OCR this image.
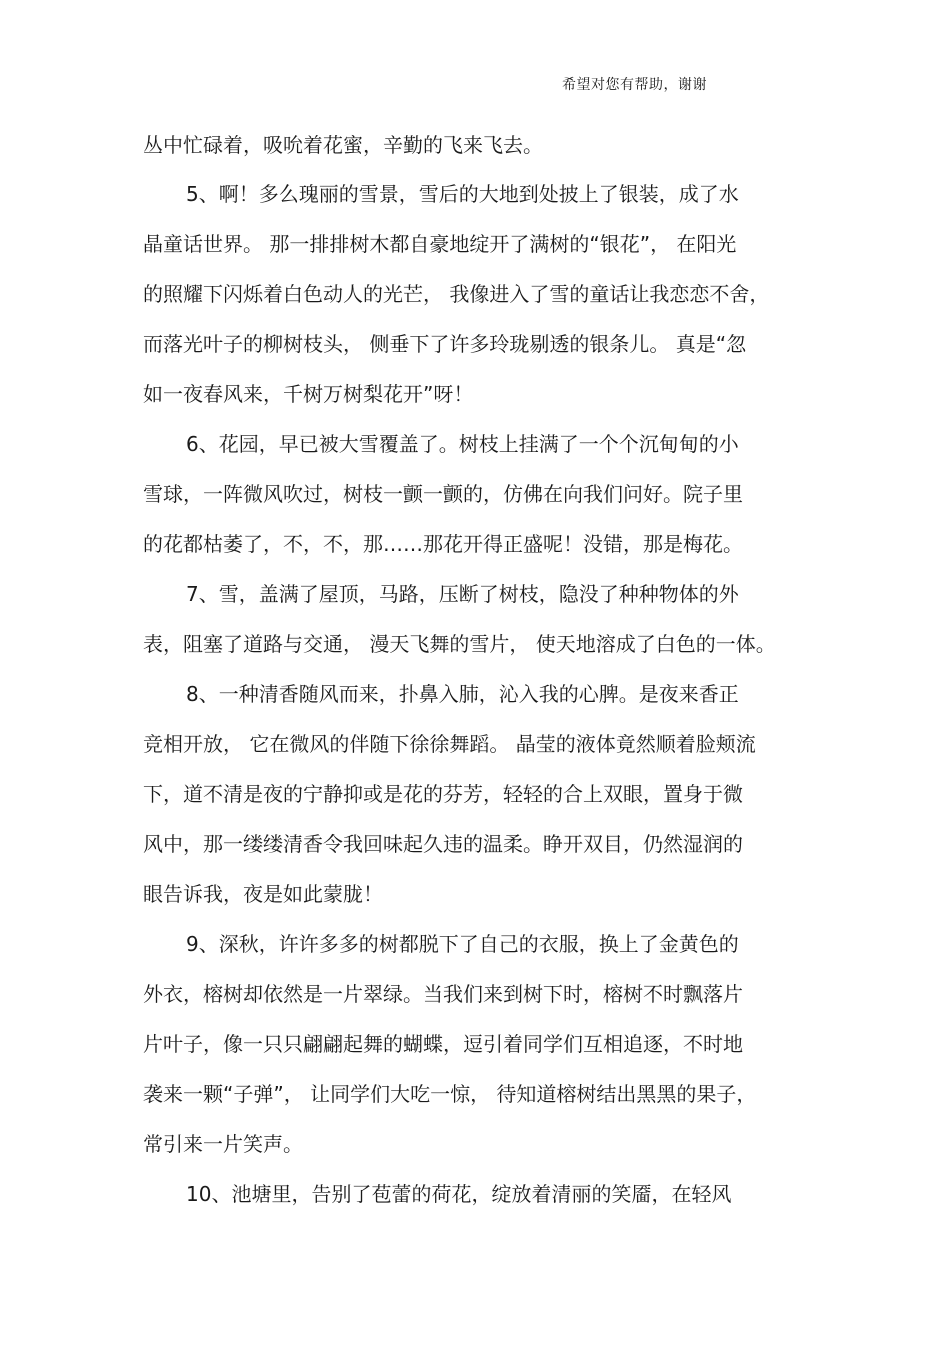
希望对您有帮助，谢谢
丛中忙碌着，吸吮着花蜜，辛勤的飞来飞去。
5、啊！多么瑰丽的雪景，雪后的大地到处披上了银装，成了水
晶童话世界。 那一排排树木都自豪地绽开了满树的“银花”， 在阳光
的照耀下闪烁着白色动人的光芒， 我像进入了雪的童话让我恋恋不舍，
而落光叶子的柳树枝头， 侧垂下了许多玲珑剔透的银条儿。 真是“忽
如一夜春风来，千树万树梨花开”呀！
6、花园，早已被大雪覆盖了。树枝上挂满了一个个沉甸甸的小
雪球，一阵微风吹过，树枝一颤一颤的，仿佛在向我们问好。院子里
的花都枯萎了，不，不，那……那花开得正盛呢！没错，那是梅花。
7、雪，盖满了屋顶，马路，压断了树枝，隐没了种种物体的外
表，阻塞了道路与交通， 漫天飞舞的雪片， 使天地溶成了白色的一体。
8、一种清香随风而来，扑鼻入肺，沁入我的心脾。是夜来香正
竞相开放， 它在微风的伴随下徐徐舞蹈。 晶莹的液体竟然顺着脸颊流
下，道不清是夜的宁静抑或是花的芬芳，轻轻的合上双眼，置身于微
风中，那一缕缕清香令我回味起久违的温柔。睁开双目，仍然湿润的
眼告诉我，夜是如此蒙胧！
9、深秋，许许多多的树都脱下了自己的衣服，换上了金黄色的
外衣，榕树却依然是一片翠绿。当我们来到树下时，榕树不时飘落片
片叶子，像一只只翩翩起舞的蝴蝶，逗引着同学们互相追逐，不时地
袭来一颗“子弹”， 让同学们大吃一惊， 待知道榕树结出黑黑的果子，
常引来一片笑声。
10、池塘里，告别了苞蕾的荷花，绽放着清丽的笑靥，在轻风
